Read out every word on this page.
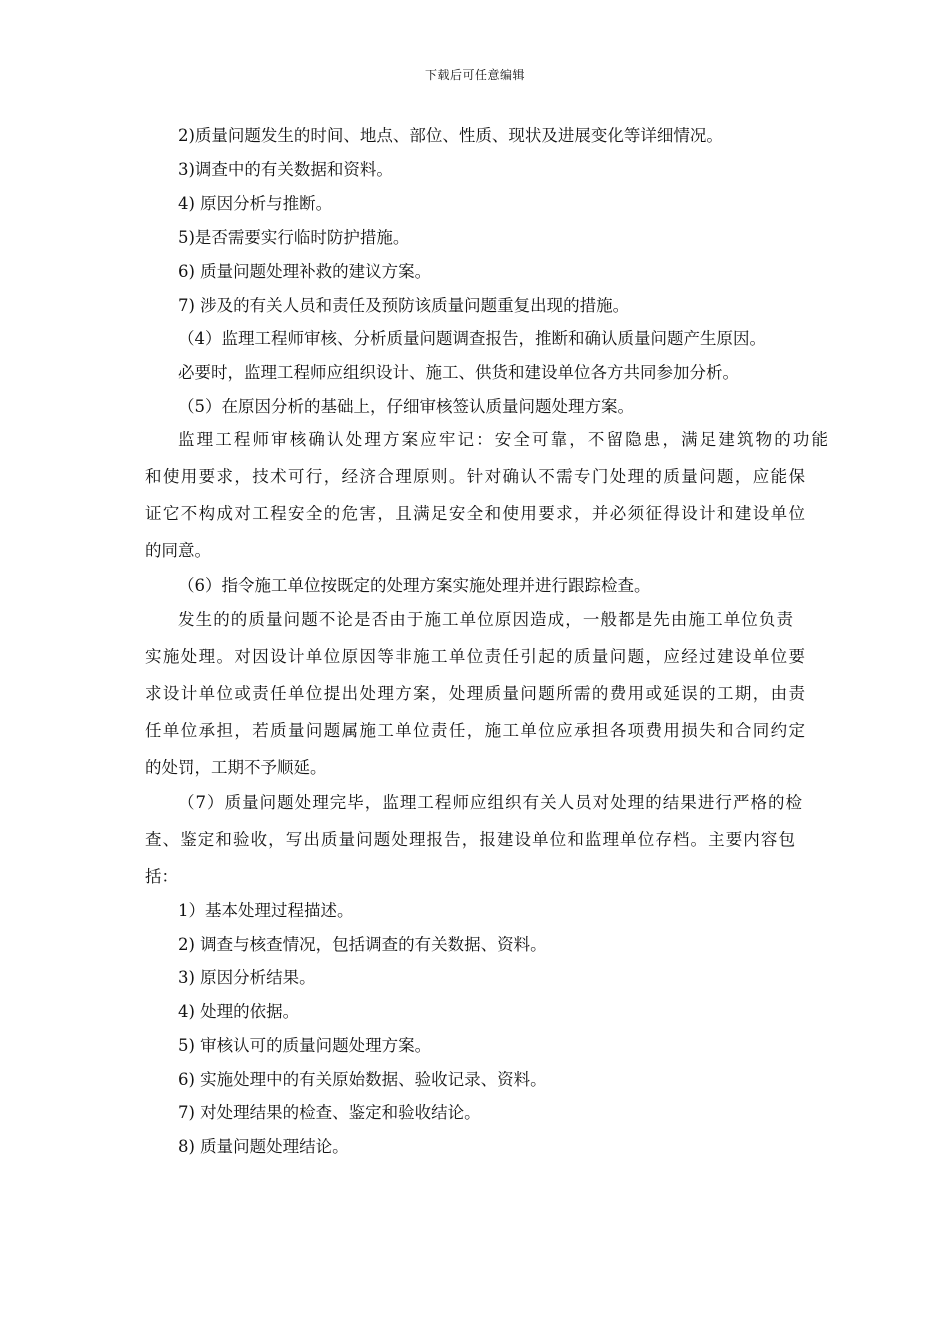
下载后可任意编辑
2)质量问题发生的时间、地点、部位、性质、现状及进展变化等详细情况。
3)调查中的有关数据和资料。
4) 原因分析与推断。
5)是否需要实行临时防护措施。
6) 质量问题处理补救的建议方案。
7) 涉及的有关人员和责任及预防该质量问题重复出现的措施。
（4）监理工程师审核、分析质量问题调查报告，推断和确认质量问题产生原因。
必要时，监理工程师应组织设计、施工、供货和建设单位各方共同参加分析。
（5）在原因分析的基础上，仔细审核签认质量问题处理方案。
监理工程师审核确认处理方案应牢记：安全可靠，不留隐患，满足建筑物的功能
和使用要求，技术可行，经济合理原则。针对确认不需专门处理的质量问题，应能保
证它不构成对工程安全的危害，且满足安全和使用要求，并必须征得设计和建设单位
的同意。
（6）指令施工单位按既定的处理方案实施处理并进行跟踪检查。
发生的的质量问题不论是否由于施工单位原因造成，一般都是先由施工单位负责
实施处理。对因设计单位原因等非施工单位责任引起的质量问题，应经过建设单位要
求设计单位或责任单位提出处理方案，处理质量问题所需的费用或延误的工期，由责
任单位承担，若质量问题属施工单位责任，施工单位应承担各项费用损失和合同约定
的处罚，工期不予顺延。
（7）质量问题处理完毕，监理工程师应组织有关人员对处理的结果进行严格的检
查、鉴定和验收，写出质量问题处理报告，报建设单位和监理单位存档。主要内容包
括：
1）基本处理过程描述。
2) 调查与核查情况，包括调查的有关数据、资料。
3) 原因分析结果。
4) 处理的依据。
5) 审核认可的质量问题处理方案。
6) 实施处理中的有关原始数据、验收记录、资料。
7) 对处理结果的检查、鉴定和验收结论。
8) 质量问题处理结论。
